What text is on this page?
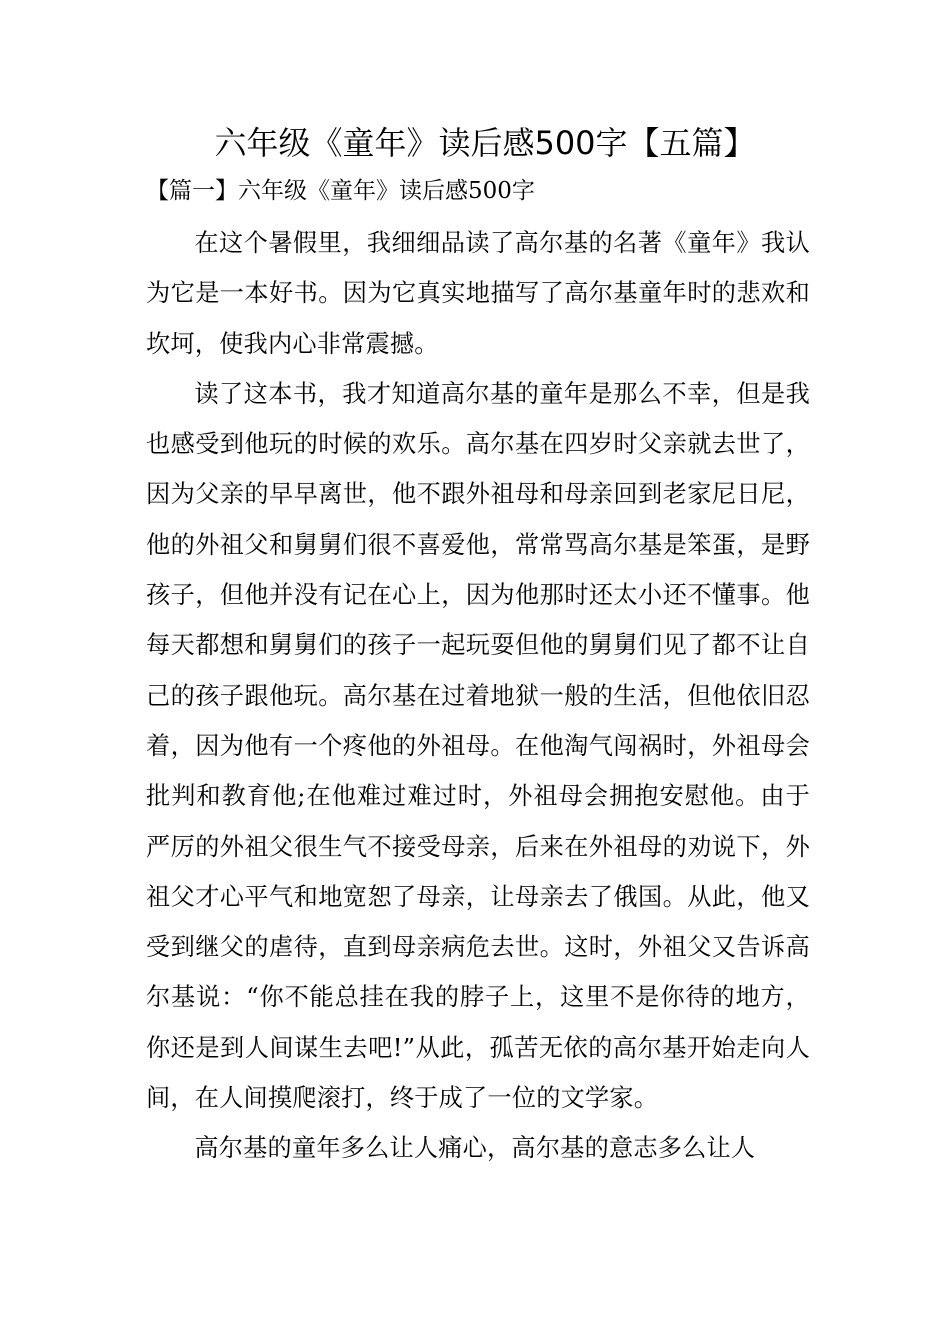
六年级《童年》读后感500字【五篇】
【篇一】六年级《童年》读后感500字

在这个暑假里，我细细品读了高尔基的名著《童年》我认为它是一本好书。因为它真实地描写了高尔基童年时的悲欢和坎坷，使我内心非常震撼。

读了这本书，我才知道高尔基的童年是那么不幸，但是我也感受到他玩的时候的欢乐。高尔基在四岁时父亲就去世了，因为父亲的早早离世，他不跟外祖母和母亲回到老家尼日尼，他的外祖父和舅舅们很不喜爱他，常常骂高尔基是笨蛋，是野孩子，但他并没有记在心上，因为他那时还太小还不懂事。他每天都想和舅舅们的孩子一起玩耍但他的舅舅们见了都不让自己的孩子跟他玩。高尔基在过着地狱一般的生活，但他依旧忍着，因为他有一个疼他的外祖母。在他淘气闯祸时，外祖母会批判和教育他;在他难过难过时，外祖母会拥抱安慰他。由于严厉的外祖父很生气不接受母亲，后来在外祖母的劝说下，外祖父才心平气和地宽恕了母亲，让母亲去了俄国。从此，他又受到继父的虐待，直到母亲病危去世。这时，外祖父又告诉高尔基说：“你不能总挂在我的脖子上，这里不是你待的地方，你还是到人间谋生去吧!”从此，孤苦无依的高尔基开始走向人间，在人间摸爬滚打，终于成了一位的文学家。

高尔基的童年多么让人痛心，高尔基的意志多么让人
